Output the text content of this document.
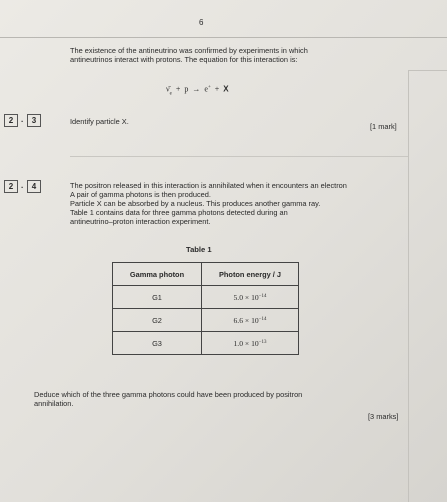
6
The existence of the antineutrino was confirmed by experiments in which
antineutrinos interact with protons. The equation for this interaction is:
$\nū_e + p \to e^+ + X$
2 .	3	Identify particle X.
[1 mark]
2 .	4	The positron released in this interaction is annihilated when it encounters an electron
A pair of gamma photons is then produced.
Particle X can be absorbed by a nucleus. This produces another gamma ray.
Table 1 contains data for three gamma photons detected during an
antineutrino–proton interaction experiment.
Table 1
Gamma photon	Photon energy / J
G1	$5.0 \times 10^{-14}$
G2	$6.6 \times 10^{-14}$
G3	$1.0 \times 10^{-13}$
Deduce which of the three gamma photons could have been produced by positron
annihilation.
[3 marks]
